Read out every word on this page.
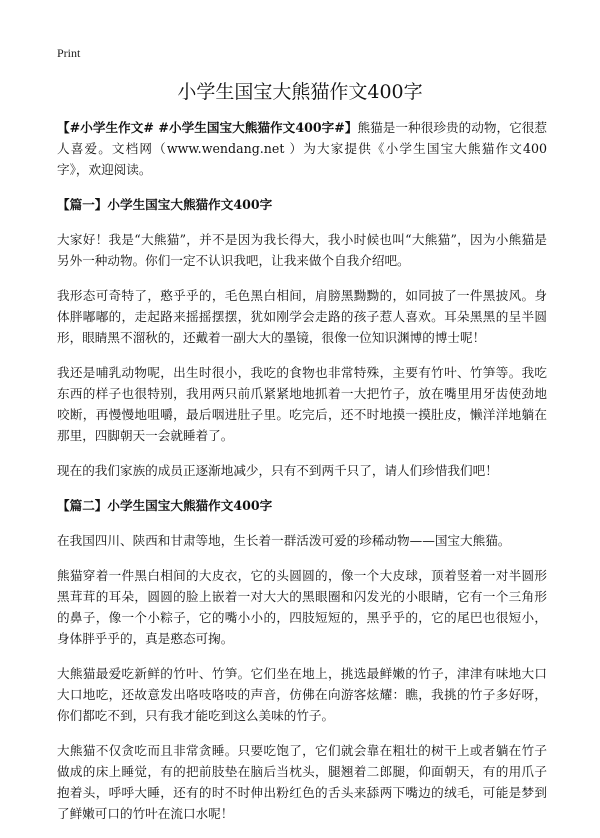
Print
小学生国宝大熊猫作文400字

【#小学生作文# #小学生国宝大熊猫作文400字#】熊猫是一种很珍贵的动物，它很惹人喜爱。文档网（www.wendang.net ）为大家提供《小学生国宝大熊猫作文400字》，欢迎阅读。

【篇一】小学生国宝大熊猫作文400字

大家好！我是“大熊猫”，并不是因为我长得大，我小时候也叫“大熊猫”，因为小熊猫是另外一种动物。你们一定不认识我吧，让我来做个自我介绍吧。

我形态可奇特了，憨乎乎的，毛色黑白相间，肩膀黑黝黝的，如同披了一件黑披风。身体胖嘟嘟的，走起路来摇摇摆摆，犹如刚学会走路的孩子惹人喜欢。耳朵黑黑的呈半圆形，眼睛黑不溜秋的，还戴着一副大大的墨镜，很像一位知识渊博的博士呢！

我还是哺乳动物呢，出生时很小，我吃的食物也非常特殊，主要有竹叶、竹笋等。我吃东西的样子也很特别，我用两只前爪紧紧地地抓着一大把竹子，放在嘴里用牙齿使劲地咬断，再慢慢地咀嚼，最后咽进肚子里。吃完后，还不时地摸一摸肚皮，懒洋洋地躺在那里，四脚朝天一会就睡着了。

现在的我们家族的成员正逐渐地减少，只有不到两千只了，请人们珍惜我们吧！

【篇二】小学生国宝大熊猫作文400字

在我国四川、陕西和甘肃等地，生长着一群活泼可爱的珍稀动物——国宝大熊猫。

熊猫穿着一件黑白相间的大皮衣，它的头圆圆的，像一个大皮球，顶着竖着一对半圆形黑茸茸的耳朵，圆圆的脸上嵌着一对大大的黑眼圈和闪发光的小眼睛，它有一个三角形的鼻子，像一个小粽子，它的嘴小小的，四肢短短的，黑乎乎的，它的尾巴也很短小，身体胖乎乎的，真是憨态可掬。

大熊猫最爱吃新鲜的竹叶、竹笋。它们坐在地上，挑选最鲜嫩的竹子，津津有味地大口大口地吃，还故意发出咯吱咯吱的声音，仿佛在向游客炫耀：瞧，我挑的竹子多好呀，你们都吃不到，只有我才能吃到这么美味的竹子。

大熊猫不仅贪吃而且非常贪睡。只要吃饱了，它们就会靠在粗壮的树干上或者躺在竹子做成的床上睡觉，有的把前肢垫在脑后当枕头，腿翘着二郎腿，仰面朝天，有的用爪子抱着头，呼呼大睡，还有的时不时伸出粉红色的舌头来舔两下嘴边的绒毛，可能是梦到了鲜嫩可口的竹叶在流口水呢！
